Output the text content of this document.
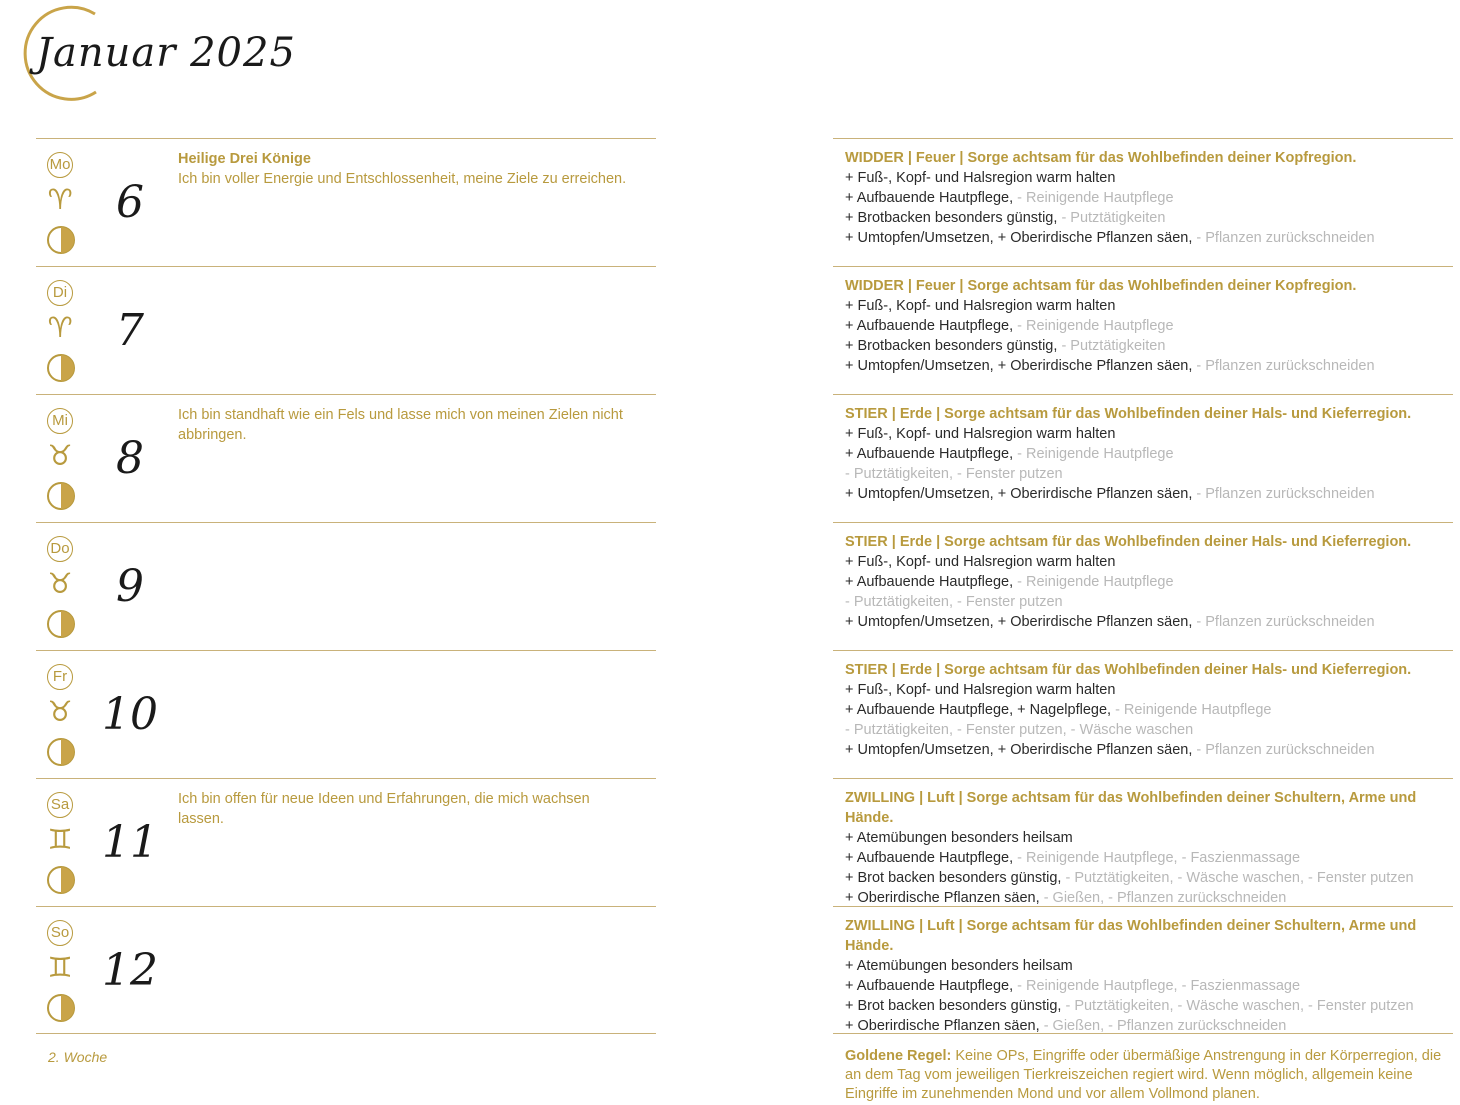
Januar 2025
Mo
♈ 6
Heilige Drei Könige
Ich bin voller Energie und Entschlossenheit, meine Ziele zu erreichen.
Di
♈ 7
Mi
♉ 8
Ich bin standhaft wie ein Fels und lasse mich von meinen Zielen nicht abbringen.
Do
♉ 9
Fr
♉ 10
Sa
♊ 11
Ich bin offen für neue Ideen und Erfahrungen, die mich wachsen lassen.
So
♊ 12
2. Woche
WIDDER | Feuer | Sorge achtsam für das Wohlbefinden deiner Kopfregion.
+ Fuß-, Kopf- und Halsregion warm halten
+ Aufbauende Hautpflege, - Reinigende Hautpflege
+ Brotbacken besonders günstig, - Putztätigkeiten
+ Umtopfen/Umsetzen, + Oberirdische Pflanzen säen, - Pflanzen zurückschneiden
WIDDER | Feuer | Sorge achtsam für das Wohlbefinden deiner Kopfregion.
+ Fuß-, Kopf- und Halsregion warm halten
+ Aufbauende Hautpflege, - Reinigende Hautpflege
+ Brotbacken besonders günstig, - Putztätigkeiten
+ Umtopfen/Umsetzen, + Oberirdische Pflanzen säen, - Pflanzen zurückschneiden
STIER | Erde | Sorge achtsam für das Wohlbefinden deiner Hals- und Kieferregion.
+ Fuß-, Kopf- und Halsregion warm halten
+ Aufbauende Hautpflege, - Reinigende Hautpflege
- Putztätigkeiten, - Fenster putzen
+ Umtopfen/Umsetzen, + Oberirdische Pflanzen säen, - Pflanzen zurückschneiden
STIER | Erde | Sorge achtsam für das Wohlbefinden deiner Hals- und Kieferregion.
+ Fuß-, Kopf- und Halsregion warm halten
+ Aufbauende Hautpflege, - Reinigende Hautpflege
- Putztätigkeiten, - Fenster putzen
+ Umtopfen/Umsetzen, + Oberirdische Pflanzen säen, - Pflanzen zurückschneiden
STIER | Erde | Sorge achtsam für das Wohlbefinden deiner Hals- und Kieferregion.
+ Fuß-, Kopf- und Halsregion warm halten
+ Aufbauende Hautpflege, + Nagelpflege, - Reinigende Hautpflege
- Putztätigkeiten, - Fenster putzen, - Wäsche waschen
+ Umtopfen/Umsetzen, + Oberirdische Pflanzen säen, - Pflanzen zurückschneiden
ZWILLING | Luft | Sorge achtsam für das Wohlbefinden deiner Schultern, Arme und Hände.
+ Atemübungen besonders heilsam
+ Aufbauende Hautpflege, - Reinigende Hautpflege, - Faszienmassage
+ Brot backen besonders günstig, - Putztätigkeiten, - Wäsche waschen, - Fenster putzen
+ Oberirdische Pflanzen säen, - Gießen, - Pflanzen zurückschneiden
ZWILLING | Luft | Sorge achtsam für das Wohlbefinden deiner Schultern, Arme und Hände.
+ Atemübungen besonders heilsam
+ Aufbauende Hautpflege, - Reinigende Hautpflege, - Faszienmassage
+ Brot backen besonders günstig, - Putztätigkeiten, - Wäsche waschen, - Fenster putzen
+ Oberirdische Pflanzen säen, - Gießen, - Pflanzen zurückschneiden
Goldene Regel: Keine OPs, Eingriffe oder übermäßige Anstrengung in der Körperregion, die an dem Tag vom jeweiligen Tierkreiszeichen regiert wird. Wenn möglich, allgemein keine Eingriffe im zunehmenden Mond und vor allem Vollmond planen.
